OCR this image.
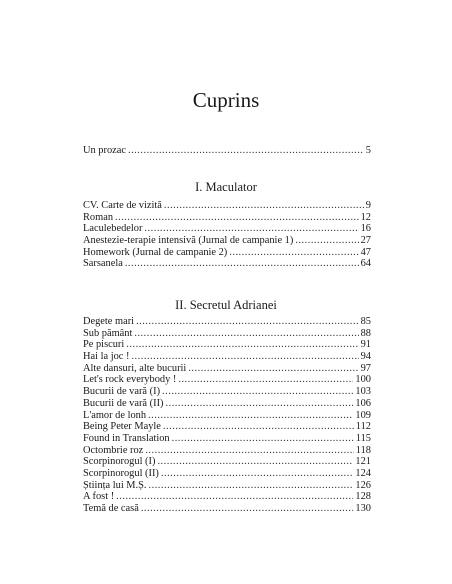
Cuprins
Un prozac .....	5
I. Maculator
CV. Carte de vizită .....	9
Roman .....	12
Laculebedelor .....	16
Anestezie-terapie intensivă (Jurnal de campanie 1) .....	27
Homework (Jurnal de campanie 2) .....	47
Sarsanela .....	64
II. Secretul Adrianei
Degete mari .....	85
Sub pământ .....	88
Pe piscuri .....	91
Hai la joc ! .....	94
Alte dansuri, alte bucurii .....	97
Let's rock everybody ! .....	100
Bucurii de vară (I) .....	103
Bucurii de vară (II) .....	106
L'amor de lonh .....	109
Being Peter Mayle .....	112
Found in Translation .....	115
Octombrie roz .....	118
Scorpinorogul (I) .....	121
Scorpinorogul (II) .....	124
Știința lui M.Ș. .....	126
A fost ! .....	128
Temă de casă .....	130
